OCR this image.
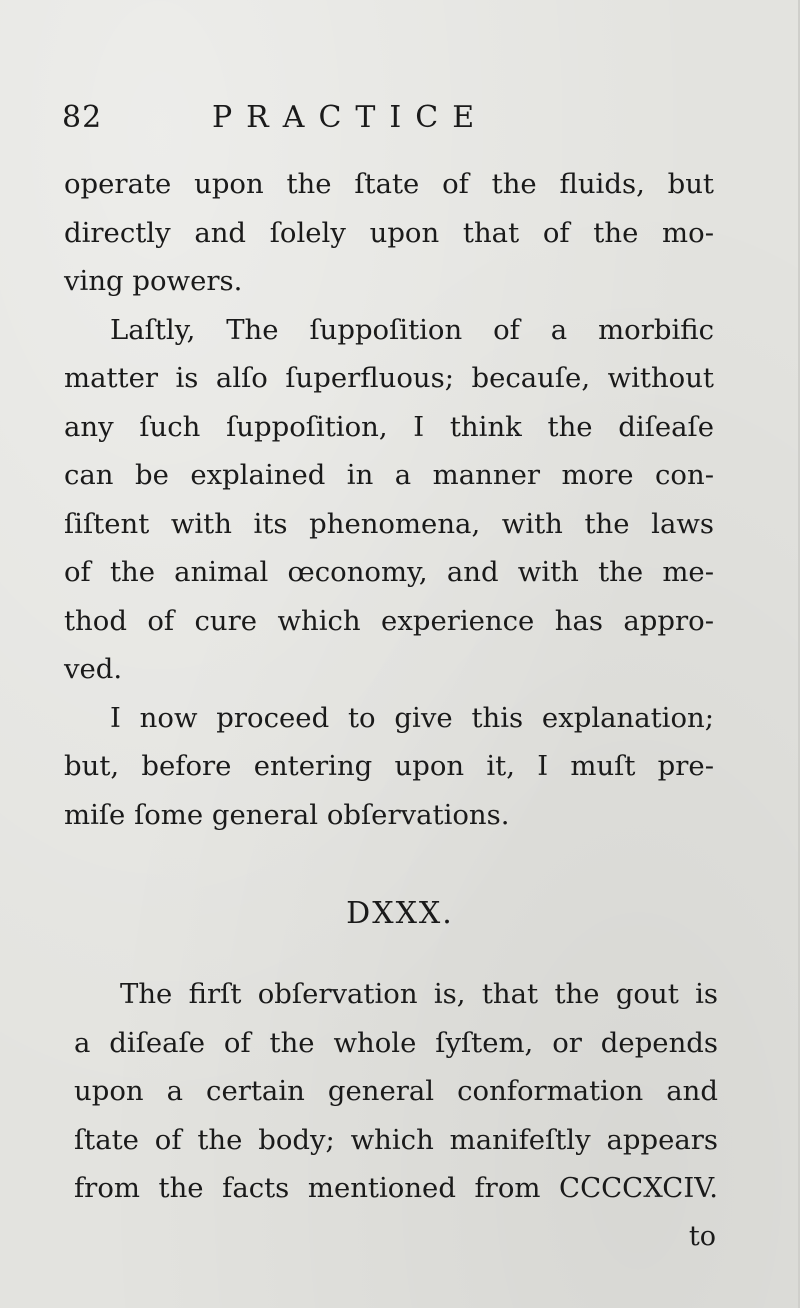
82	PRACTICE
operate upon the ſtate of the fluids, but
directly and ſolely upon that of the mo-
ving powers.
Laſtly, The ſuppoſition of a morbific
matter is alſo ſuperfluous; becauſe, without
any ſuch ſuppoſition, I think the diſeaſe
can be explained in a manner more con-
ſiſtent with its phenomena, with the laws
of the animal œconomy, and with the me-
thod of cure which experience has appro-
ved.
I now proceed to give this explanation;
but, before entering upon it, I muſt pre-
miſe ſome general obſervations.
DXXX.
The firſt obſervation is, that the gout is
a diſeaſe of the whole ſyſtem, or depends
upon a certain general conformation and
ſtate of the body; which manifeſtly appears
from the facts mentioned from CCCCXCIV.
to
